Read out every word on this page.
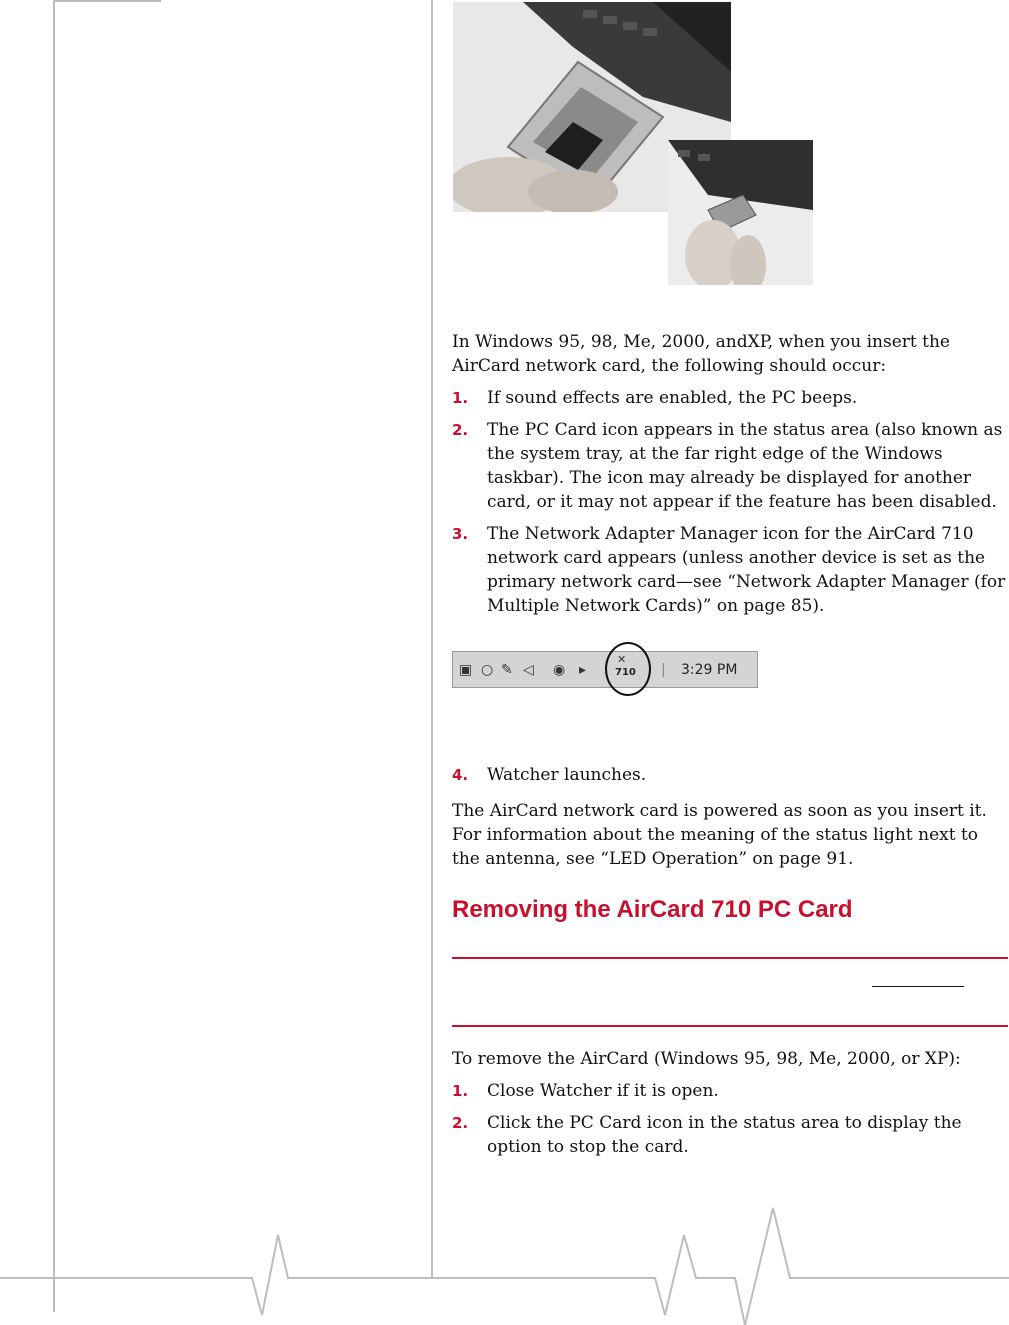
In Windows 95, 98, Me, 2000, andXP, when you insert the AirCard network card, the following should occur:

1.	If sound effects are enabled, the PC beeps.
2.	The PC Card icon appears in the status area (also known as the system tray, at the far right edge of the Windows taskbar). The icon may already be displayed for another card, or it may not appear if the feature has been disabled.
3.	The Network Adapter Manager icon for the AirCard 710 network card appears (unless another device is set as the primary network card—see “Network Adapter Manager (for Multiple Network Cards)” on page 85).
▣ ○ ✎ ◁ ◉ ▸
✕
710 | 3:29 PM
4.	Watcher launches.

The AirCard network card is powered as soon as you insert it. For information about the meaning of the status light next to the antenna, see “LED Operation” on page 91.

Removing the AirCard 710 PC Card

To remove the AirCard (Windows 95, 98, Me, 2000, or XP):

1.	Close Watcher if it is open.
2.	Click the PC Card icon in the status area to display the option to stop the card.
